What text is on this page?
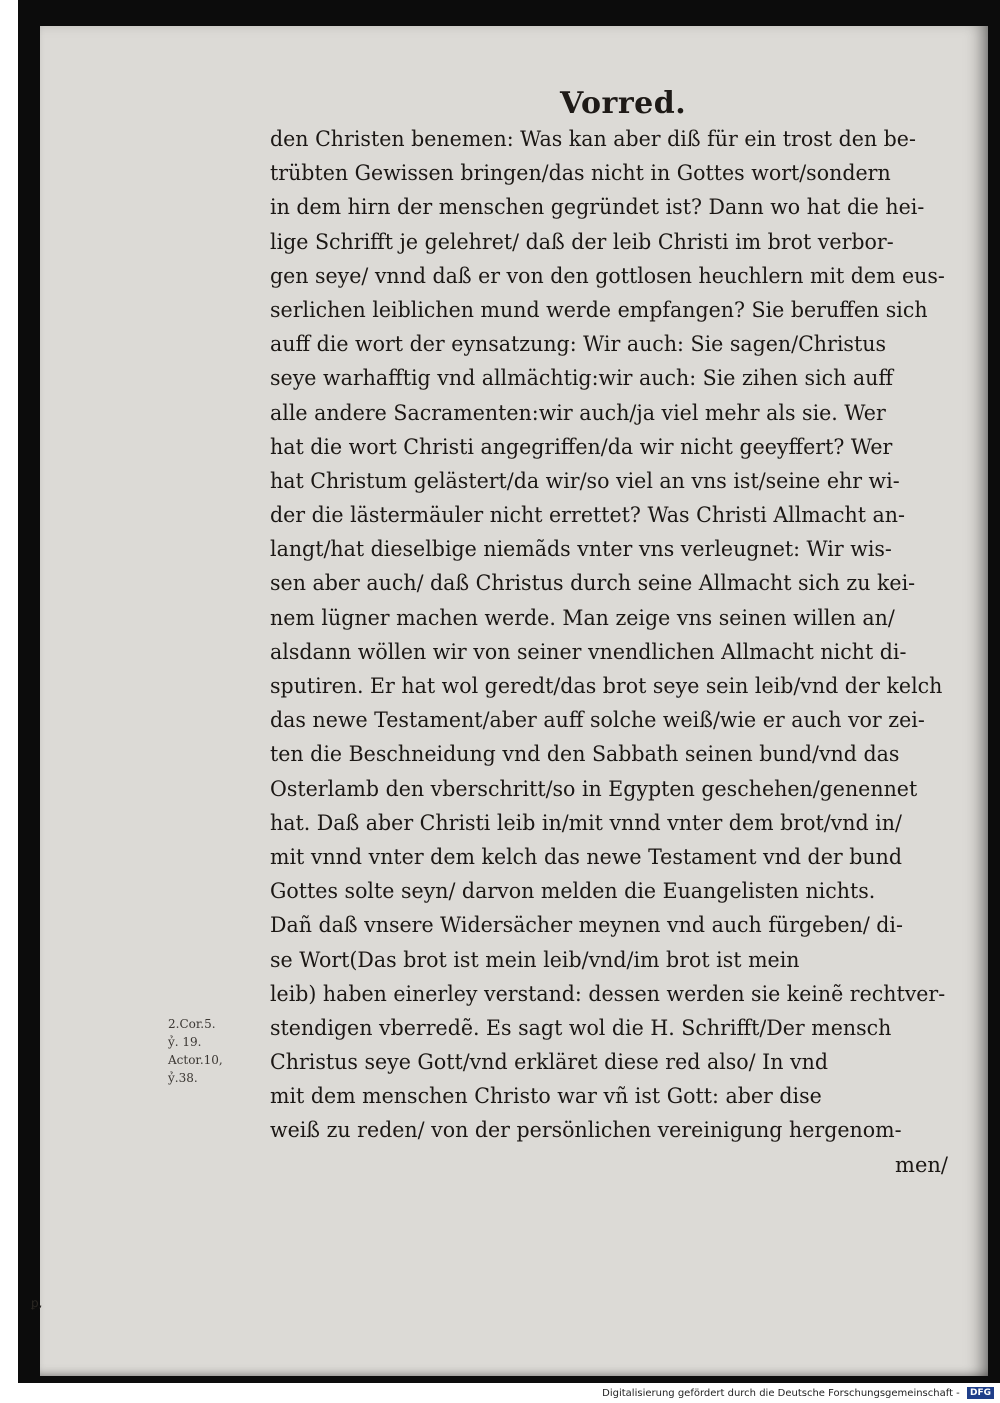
Vorred.
den Christen benemen: Was kan aber diß für ein trost den be-
trübten Gewissen bringen/das nicht in Gottes wort/sondern
in dem hirn der menschen gegründet ist? Dann wo hat die hei-
lige Schrifft je gelehret/ daß der leib Christi im brot verbor-
gen seye/ vnnd daß er von den gottlosen heuchlern mit dem eus-
serlichen leiblichen mund werde empfangen? Sie beruffen sich
auff die wort der eynsatzung: Wir auch: Sie sagen/Christus
seye warhafftig vnd allmächtig:wir auch: Sie zihen sich auff
alle andere Sacramenten:wir auch/ja viel mehr als sie. Wer
hat die wort Christi angegriffen/da wir nicht geeyffert? Wer
hat Christum gelästert/da wir/so viel an vns ist/seine ehr wi-
der die lästermäuler nicht errettet? Was Christi Allmacht an-
langt/hat dieselbige niemãds vnter vns verleugnet: Wir wis-
sen aber auch/ daß Christus durch seine Allmacht sich zu kei-
nem lügner machen werde. Man zeige vns seinen willen an/
alsdann wöllen wir von seiner vnendlichen Allmacht nicht di-
sputiren. Er hat wol geredt/das brot seye sein leib/vnd der kelch
das newe Testament/aber auff solche weiß/wie er auch vor zei-
ten die Beschneidung vnd den Sabbath seinen bund/vnd das
Osterlamb den vberschritt/so in Egypten geschehen/genennet
hat. Daß aber Christi leib in/mit vnnd vnter dem brot/vnd in/
mit vnnd vnter dem kelch das newe Testament vnd der bund
Gottes solte seyn/ darvon melden die Euangelisten nichts.
Dañ daß vnsere Widersächer meynen vnd auch fürgeben/ di-
se Wort(Das brot ist mein leib/vnd/im brot ist mein
leib) haben einerley verstand: dessen werden sie keinẽ rechtver-
stendigen vberredẽ. Es sagt wol die H. Schrifft/Der mensch
Christus seye Gott/vnd erkläret diese red also/ In vnd
mit dem menschen Christo war vñ ist Gott: aber dise
weiß zu reden/ von der persönlichen vereinigung hergenom-
men/
2.Cor.5.
ỷ. 19.
Actor.10,
ỷ.38.
ꝑ,
Digitalisierung gefördert durch die Deutsche Forschungsgemeinschaft - DFG
